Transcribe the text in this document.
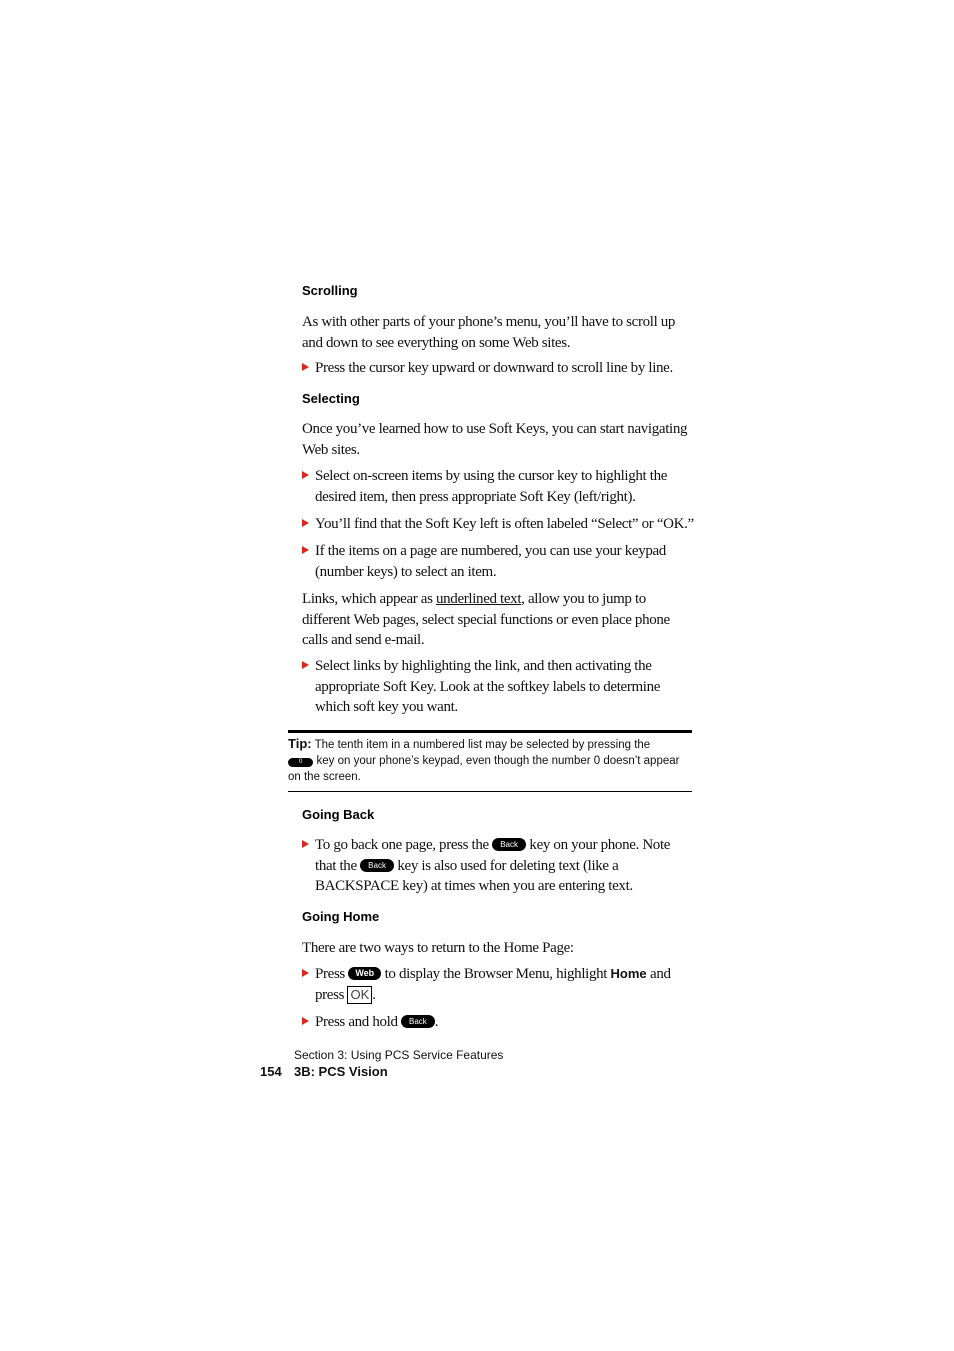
Scrolling
As with other parts of your phone’s menu, you’ll have to scroll up and down to see everything on some Web sites.
Press the cursor key upward or downward to scroll line by line.
Selecting
Once you’ve learned how to use Soft Keys, you can start navigating Web sites.
Select on-screen items by using the cursor key to highlight the desired item, then press appropriate Soft Key (left/right).
You’ll find that the Soft Key left is often labeled “Select” or “OK.”
If the items on a page are numbered, you can use your keypad (number keys) to select an item.
Links, which appear as underlined text, allow you to jump to different Web pages, select special functions or even place phone calls and send e-mail.
Select links by highlighting the link, and then activating the appropriate Soft Key. Look at the softkey labels to determine which soft key you want.
Tip: The tenth item in a numbered list may be selected by pressing the
0 key on your phone’s keypad, even though the number 0 doesn’t appear on the screen.
Going Back
To go back one page, press the Back key on your phone. Note that the Back key is also used for deleting text (like a BACKSPACE key) at times when you are entering text.
Going Home
There are two ways to return to the Home Page:
Press Web to display the Browser Menu, highlight Home and press OK .
Press and hold Back .
Section 3: Using PCS Service Features
154 3B: PCS Vision
